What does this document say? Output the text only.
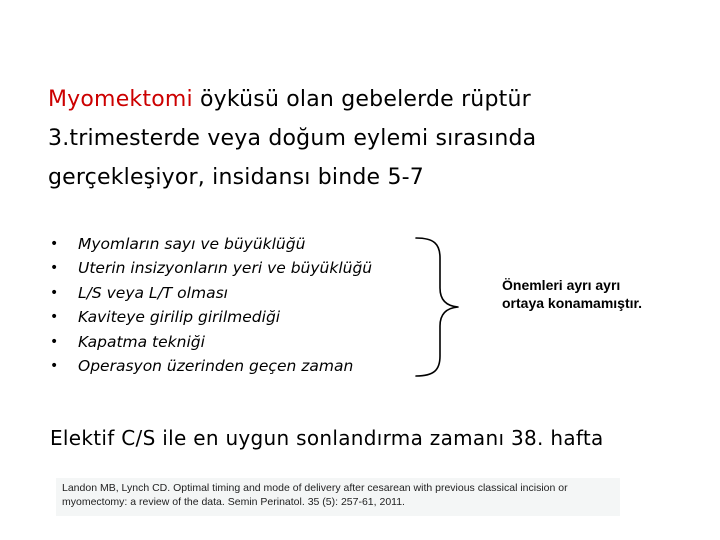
Myomektomi öyküsü olan gebelerde rüptür
3.trimesterde veya doğum eylemi sırasında
gerçekleşiyor, insidansı binde 5-7
• Myomların sayı ve büyüklüğü
• Uterin insizyonların yeri ve büyüklüğü
• L/S veya L/T olması
• Kaviteye girilip girilmediği
• Kapatma tekniği
• Operasyon üzerinden geçen zaman
Önemleri ayrı ayrı
ortaya konamamıştır.
Elektif C/S ile en uygun sonlandırma zamanı 38. hafta
Landon MB, Lynch CD. Optimal timing and mode of delivery after cesarean with previous classical incision or myomectomy: a review of the data. Semin Perinatol. 35 (5): 257-61, 2011.
